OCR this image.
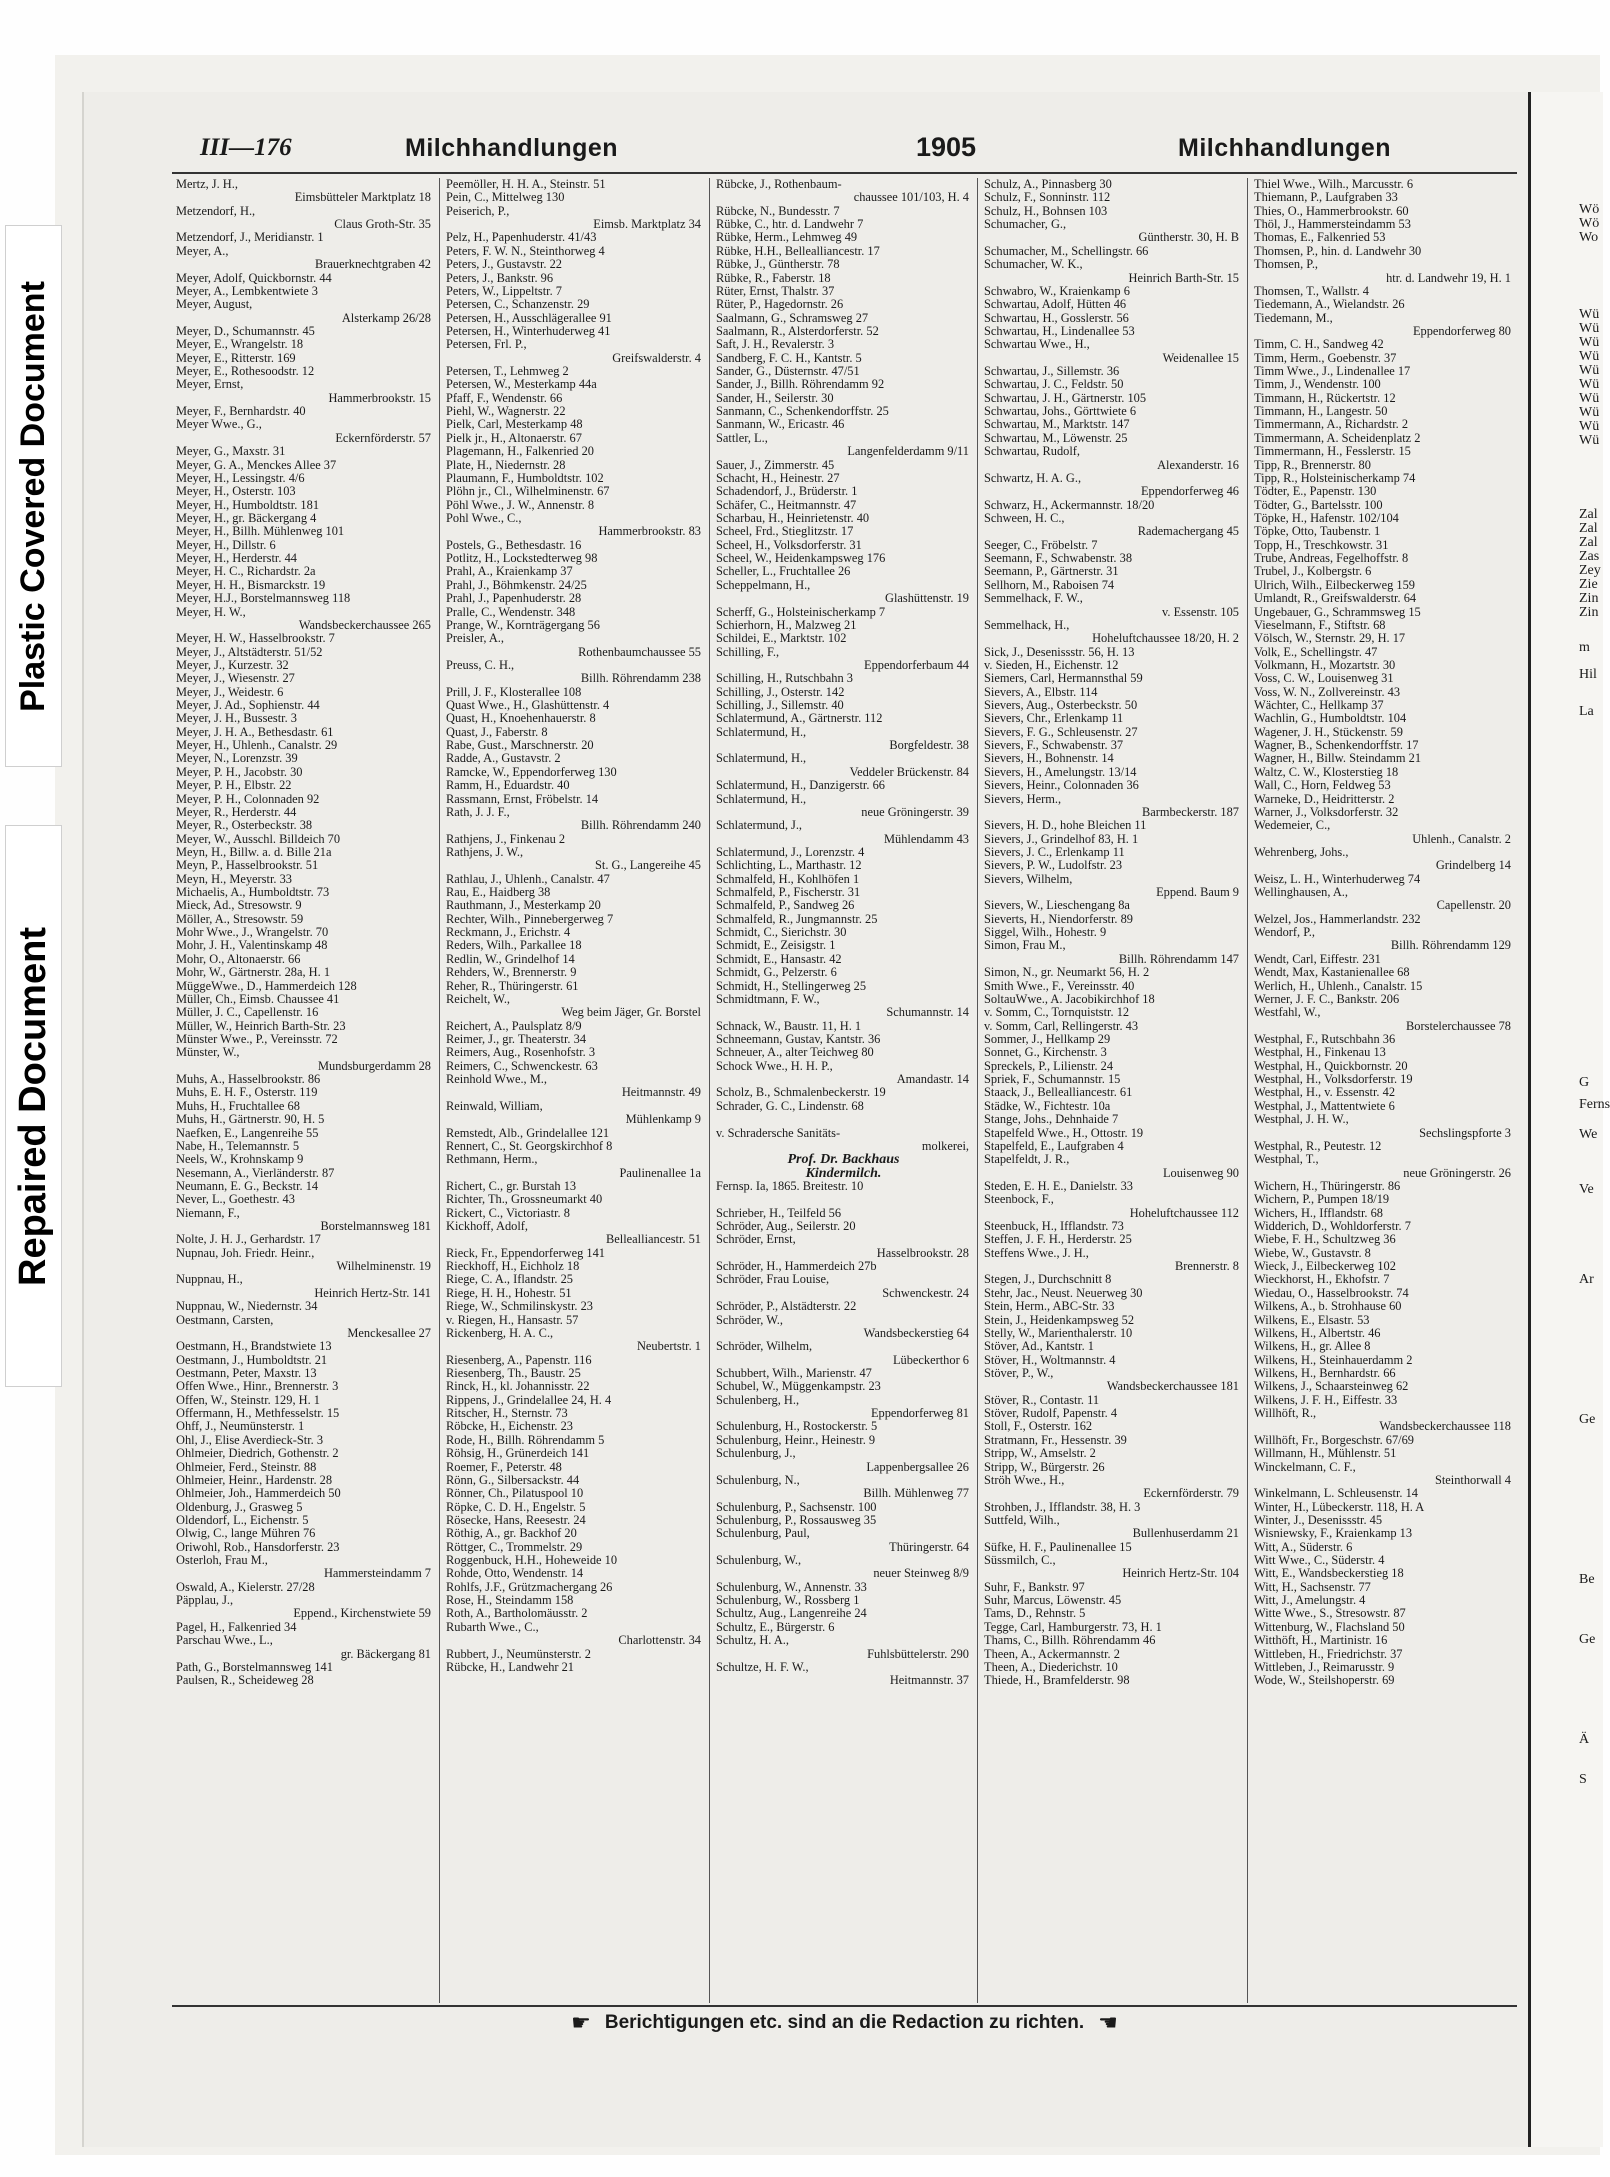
Wö
Wö
Wo
Wü
Wü
Wü
Wü
Wü
Wü
Wü
Wü
Wü
Wü
Zal
Zal
Zal
Zas
Zey
Zie
Zin
Zin
m
Hil
La
G
Ferns
We
Ve
Ar
Ge
Be
Ge
Ä
S
Plastic Covered Document
Repaired Document
III—176	Milchhandlungen	1905	Milchhandlungen
Mertz, J. H.,
Eimsbütteler Marktplatz 18
Metzendorf, H.,
Claus Groth-Str. 35
Metzendorf, J., Meridianstr. 1
Meyer, A.,
Brauerknechtgraben 42
Meyer, Adolf, Quickbornstr. 44
Meyer, A., Lembkentwiete 3
Meyer, August,
Alsterkamp 26/28
Meyer, D., Schumannstr. 45
Meyer, E., Wrangelstr. 18
Meyer, E., Ritterstr. 169
Meyer, E., Rothesoodstr. 12
Meyer, Ernst,
Hammerbrookstr. 15
Meyer, F., Bernhardstr. 40
Meyer Wwe., G.,
Eckernförderstr. 57
Meyer, G., Maxstr. 31
Meyer, G. A., Menckes Allee 37
Meyer, H., Lessingstr. 4/6
Meyer, H., Osterstr. 103
Meyer, H., Humboldtstr. 181
Meyer, H., gr. Bäckergang 4
Meyer, H., Billh. Mühlenweg 101
Meyer, H., Dillstr. 6
Meyer, H., Herderstr. 44
Meyer, H. C., Richardstr. 2a
Meyer, H. H., Bismarckstr. 19
Meyer, H.J., Borstelmannsweg 118
Meyer, H. W.,
Wandsbeckerchaussee 265
Meyer, H. W., Hasselbrookstr. 7
Meyer, J., Altstädterstr. 51/52
Meyer, J., Kurzestr. 32
Meyer, J., Wiesenstr. 27
Meyer, J., Weidestr. 6
Meyer, J. Ad., Sophienstr. 44
Meyer, J. H., Bussestr. 3
Meyer, J. H. A., Bethesdastr. 61
Meyer, H., Uhlenh., Canalstr. 29
Meyer, N., Lorenzstr. 39
Meyer, P. H., Jacobstr. 30
Meyer, P. H., Elbstr. 22
Meyer, P. H., Colonnaden 92
Meyer, R., Herderstr. 44
Meyer, R., Osterbeckstr. 38
Meyer, W., Ausschl. Billdeich 70
Meyn, H., Billw. a. d. Bille 21a
Meyn, P., Hasselbrookstr. 51
Meyn, H., Meyerstr. 33
Michaelis, A., Humboldtstr. 73
Mieck, Ad., Stresowstr. 9
Möller, A., Stresowstr. 59
Mohr Wwe., J., Wrangelstr. 70
Mohr, J. H., Valentinskamp 48
Mohr, O., Altonaerstr. 66
Mohr, W., Gärtnerstr. 28a, H. 1
MüggeWwe., D., Hammerdeich 128
Müller, Ch., Eimsb. Chaussee 41
Müller, J. C., Capellenstr. 16
Müller, W., Heinrich Barth-Str. 23
Münster Wwe., P., Vereinsstr. 72
Münster, W.,
Mundsburgerdamm 28
Muhs, A., Hasselbrookstr. 86
Muhs, E. H. F., Osterstr. 119
Muhs, H., Fruchtallee 68
Muhs, H., Gärtnerstr. 90, H. 5
Naefken, E., Langenreihe 55
Nabe, H., Telemannstr. 5
Neels, W., Krohnskamp 9
Nesemann, A., Vierländerstr. 87
Neumann, E. G., Beckstr. 14
Never, L., Goethestr. 43
Niemann, F.,
Borstelmannsweg 181
Nolte, J. H. J., Gerhardstr. 17
Nupnau, Joh. Friedr. Heinr.,
Wilhelminenstr. 19
Nuppnau, H.,
Heinrich Hertz-Str. 141
Nuppnau, W., Niedernstr. 34
Oestmann, Carsten,
Menckesallee 27
Oestmann, H., Brandstwiete 13
Oestmann, J., Humboldtstr. 21
Oestmann, Peter, Maxstr. 13
Offen Wwe., Hinr., Brennerstr. 3
Offen, W., Steinstr. 129, H. 1
Offermann, H., Methfesselstr. 15
Ohff, J., Neumünsterstr. 1
Ohl, J., Elise Averdieck-Str. 3
Ohlmeier, Diedrich, Gothenstr. 2
Ohlmeier, Ferd., Steinstr. 88
Ohlmeier, Heinr., Hardenstr. 28
Ohlmeier, Joh., Hammerdeich 50
Oldenburg, J., Grasweg 5
Oldendorf, L., Eichenstr. 5
Olwig, C., lange Mühren 76
Oriwohl, Rob., Hansdorferstr. 23
Osterloh, Frau M.,
Hammersteindamm 7
Oswald, A., Kielerstr. 27/28
Päpplau, J.,
Eppend., Kirchenstwiete 59
Pagel, H., Falkenried 34
Parschau Wwe., L.,
gr. Bäckergang 81
Path, G., Borstelmannsweg 141
Paulsen, R., Scheideweg 28
Peemöller, H. H. A., Steinstr. 51
Pein, C., Mittelweg 130
Peiserich, P.,
Eimsb. Marktplatz 34
Pelz, H., Papenhuderstr. 41/43
Peters, F. W. N., Steinthorweg 4
Peters, J., Gustavstr. 22
Peters, J., Bankstr. 96
Peters, W., Lippeltstr. 7
Petersen, C., Schanzenstr. 29
Petersen, H., Ausschlägerallee 91
Petersen, H., Winterhuderweg 41
Petersen, Frl. P.,
Greifswalderstr. 4
Petersen, T., Lehmweg 2
Petersen, W., Mesterkamp 44a
Pfaff, F., Wendenstr. 66
Piehl, W., Wagnerstr. 22
Pielk, Carl, Mesterkamp 48
Pielk jr., H., Altonaerstr. 67
Plagemann, H., Falkenried 20
Plate, H., Niedernstr. 28
Plaumann, F., Humboldtstr. 102
Plöhn jr., Cl., Wilhelminenstr. 67
Pöhl Wwe., J. W., Annenstr. 8
Pohl Wwe., C.,
Hammerbrookstr. 83
Postels, G., Bethesdastr. 16
Potlitz, H., Lockstedterweg 98
Prahl, A., Kraienkamp 37
Prahl, J., Böhmkenstr. 24/25
Prahl, J., Papenhuderstr. 28
Pralle, C., Wendenstr. 348
Prange, W., Kornträgergang 56
Preisler, A.,
Rothenbaumchaussee 55
Preuss, C. H.,
Billh. Röhrendamm 238
Prill, J. F., Klosterallee 108
Quast Wwe., H., Glashüttenstr. 4
Quast, H., Knoehenhauerstr. 8
Quast, J., Faberstr. 8
Rabe, Gust., Marschnerstr. 20
Radde, A., Gustavstr. 2
Ramcke, W., Eppendorferweg 130
Ramm, H., Eduardstr. 40
Rassmann, Ernst, Fröbelstr. 14
Rath, J. J. F.,
Billh. Röhrendamm 240
Rathjens, J., Finkenau 2
Rathjens, J. W.,
St. G., Langereihe 45
Rathlau, J., Uhlenh., Canalstr. 47
Rau, E., Haidberg 38
Rauthmann, J., Mesterkamp 20
Rechter, Wilh., Pinnebergerweg 7
Reckmann, J., Erichstr. 4
Reders, Wilh., Parkallee 18
Redlin, W., Grindelhof 14
Rehders, W., Brennerstr. 9
Reher, R., Thüringerstr. 61
Reichelt, W.,
Weg beim Jäger, Gr. Borstel
Reichert, A., Paulsplatz 8/9
Reimer, J., gr. Theaterstr. 34
Reimers, Aug., Rosenhofstr. 3
Reimers, C., Schwenckestr. 63
Reinhold Wwe., M.,
Heitmannstr. 49
Reinwald, William,
Mühlenkamp 9
Remstedt, Alb., Grindelallee 121
Rennert, C., St. Georgskirchhof 8
Rethmann, Herm.,
Paulinenallee 1a
Richert, C., gr. Burstah 13
Richter, Th., Grossneumarkt 40
Rickert, C., Victoriastr. 8
Kickhoff, Adolf,
Bellealliancestr. 51
Rieck, Fr., Eppendorferweg 141
Rieckhoff, H., Eichholz 18
Riege, C. A., Iflandstr. 25
Riege, H. H., Hohestr. 51
Riege, W., Schmilinskystr. 23
v. Riegen, H., Hansastr. 57
Rickenberg, H. A. C.,
Neubertstr. 1
Riesenberg, A., Papenstr. 116
Riesenberg, Th., Baustr. 25
Rinck, H., kl. Johannisstr. 22
Rippens, J., Grindelallee 24, H. 4
Ritscher, H., Sternstr. 73
Röbcke, H., Eichenstr. 23
Rode, H., Billh. Röhrendamm 5
Röhsig, H., Grünerdeich 141
Roemer, F., Peterstr. 48
Rönn, G., Silbersackstr. 44
Rönner, Ch., Pilatuspool 10
Röpke, C. D. H., Engelstr. 5
Rösecke, Hans, Reesestr. 24
Röthig, A., gr. Backhof 20
Röttger, C., Trommelstr. 29
Roggenbuck, H.H., Hoheweide 10
Rohde, Otto, Wendenstr. 14
Rohlfs, J.F., Grützmachergang 26
Rose, H., Steindamm 158
Roth, A., Bartholomäusstr. 2
Rubarth Wwe., C.,
Charlottenstr. 34
Rubbert, J., Neumünsterstr. 2
Rübcke, H., Landwehr 21
Rübcke, J., Rothenbaum-
chaussee 101/103, H. 4
Rübcke, N., Bundesstr. 7
Rübke, C., htr. d. Landwehr 7
Rübke, Herm., Lehmweg 49
Rübke, H.H., Bellealliancestr. 17
Rübke, J., Güntherstr. 78
Rübke, R., Faberstr. 18
Rüter, Ernst, Thalstr. 37
Rüter, P., Hagedornstr. 26
Saalmann, G., Schramsweg 27
Saalmann, R., Alsterdorferstr. 52
Saft, J. H., Revalerstr. 3
Sandberg, F. C. H., Kantstr. 5
Sander, G., Düsternstr. 47/51
Sander, J., Billh. Röhrendamm 92
Sander, H., Seilerstr. 30
Sanmann, C., Schenkendorffstr. 25
Sanmann, W., Ericastr. 46
Sattler, L.,
Langenfelderdamm 9/11
Sauer, J., Zimmerstr. 45
Schacht, H., Heinestr. 27
Schadendorf, J., Brüderstr. 1
Schäfer, C., Heitmannstr. 47
Scharbau, H., Heinrietenstr. 40
Scheel, Frd., Stieglitzstr. 17
Scheel, H., Volksdorferstr. 31
Scheel, W., Heidenkampsweg 176
Scheller, L., Fruchtallee 26
Scheppelmann, H.,
Glashüttenstr. 19
Scherff, G., Holsteinischerkamp 7
Schierhorn, H., Malzweg 21
Schildei, E., Marktstr. 102
Schilling, F.,
Eppendorferbaum 44
Schilling, H., Rutschbahn 3
Schilling, J., Osterstr. 142
Schilling, J., Sillemstr. 40
Schlatermund, A., Gärtnerstr. 112
Schlatermund, H.,
Borgfeldestr. 38
Schlatermund, H.,
Veddeler Brückenstr. 84
Schlatermund, H., Danzigerstr. 66
Schlatermund, H.,
neue Gröningerstr. 39
Schlatermund, J.,
Mühlendamm 43
Schlatermund, J., Lorenzstr. 4
Schlichting, L., Marthastr. 12
Schmalfeld, H., Kohlhöfen 1
Schmalfeld, P., Fischerstr. 31
Schmalfeld, P., Sandweg 26
Schmalfeld, R., Jungmannstr. 25
Schmidt, C., Sierichstr. 30
Schmidt, E., Zeisigstr. 1
Schmidt, E., Hansastr. 42
Schmidt, G., Pelzerstr. 6
Schmidt, H., Stellingerweg 25
Schmidtmann, F. W.,
Schumannstr. 14
Schnack, W., Baustr. 11, H. 1
Schneemann, Gustav, Kantstr. 36
Schneuer, A., alter Teichweg 80
Schock Wwe., H. H. P.,
Amandastr. 14
Scholz, B., Schmalenbeckerstr. 19
Schrader, G. C., Lindenstr. 68
v. Schradersche Sanitäts-
molkerei,
Prof. Dr. Backhaus
Kindermilch.
Fernsp. Ia, 1865. Breitestr. 10
Schrieber, H., Teilfeld 56
Schröder, Aug., Seilerstr. 20
Schröder, Ernst,
Hasselbrookstr. 28
Schröder, H., Hammerdeich 27b
Schröder, Frau Louise,
Schwenckestr. 24
Schröder, P., Alstädterstr. 22
Schröder, W.,
Wandsbeckerstieg 64
Schröder, Wilhelm,
Lübeckerthor 6
Schubbert, Wilh., Marienstr. 47
Schubel, W., Müggenkampstr. 23
Schulenberg, H.,
Eppendorferweg 81
Schulenburg, H., Rostockerstr. 5
Schulenburg, Heinr., Heinestr. 9
Schulenburg, J.,
Lappenbergsallee 26
Schulenburg, N.,
Billh. Mühlenweg 77
Schulenburg, P., Sachsenstr. 100
Schulenburg, P., Rossausweg 35
Schulenburg, Paul,
Thüringerstr. 64
Schulenburg, W.,
neuer Steinweg 8/9
Schulenburg, W., Annenstr. 33
Schulenburg, W., Rossberg 1
Schultz, Aug., Langenreihe 24
Schultz, E., Bürgerstr. 6
Schultz, H. A.,
Fuhlsbüttelerstr. 290
Schultze, H. F. W.,
Heitmannstr. 37
Schulz, A., Pinnasberg 30
Schulz, F., Sonninstr. 112
Schulz, H., Bohnsen 103
Schumacher, G.,
Güntherstr. 30, H. B
Schumacher, M., Schellingstr. 66
Schumacher, W. K.,
Heinrich Barth-Str. 15
Schwabro, W., Kraienkamp 6
Schwartau, Adolf, Hütten 46
Schwartau, H., Gosslerstr. 56
Schwartau, H., Lindenallee 53
Schwartau Wwe., H.,
Weidenallee 15
Schwartau, J., Sillemstr. 36
Schwartau, J. C., Feldstr. 50
Schwartau, J. H., Gärtnerstr. 105
Schwartau, Johs., Görttwiete 6
Schwartau, M., Marktstr. 147
Schwartau, M., Löwenstr. 25
Schwartau, Rudolf,
Alexanderstr. 16
Schwartz, H. A. G.,
Eppendorferweg 46
Schwarz, H., Ackermannstr. 18/20
Schween, H. C.,
Rademachergang 45
Seeger, C., Fröbelstr. 7
Seemann, F., Schwabenstr. 38
Seemann, P., Gärtnerstr. 31
Sellhorn, M., Raboisen 74
Semmelhack, F. W.,
v. Essenstr. 105
Semmelhack, H.,
Hoheluftchaussee 18/20, H. 2
Sick, J., Desenissstr. 56, H. 13
v. Sieden, H., Eichenstr. 12
Siemers, Carl, Hermannsthal 59
Sievers, A., Elbstr. 114
Sievers, Aug., Osterbeckstr. 50
Sievers, Chr., Erlenkamp 11
Sievers, F. G., Schleusenstr. 27
Sievers, F., Schwabenstr. 37
Sievers, H., Bohnenstr. 14
Sievers, H., Amelungstr. 13/14
Sievers, Heinr., Colonnaden 36
Sievers, Herm.,
Barmbeckerstr. 187
Sievers, H. D., hohe Bleichen 11
Sievers, J., Grindelhof 83, H. 1
Sievers, J. C., Erlenkamp 11
Sievers, P. W., Ludolfstr. 23
Sievers, Wilhelm,
Eppend. Baum 9
Sievers, W., Lieschengang 8a
Sieverts, H., Niendorferstr. 89
Siggel, Wilh., Hohestr. 9
Simon, Frau M.,
Billh. Röhrendamm 147
Simon, N., gr. Neumarkt 56, H. 2
Smith Wwe., F., Vereinsstr. 40
SoltauWwe., A. Jacobikirchhof 18
v. Somm, C., Tornquiststr. 12
v. Somm, Carl, Rellingerstr. 43
Sommer, J., Hellkamp 29
Sonnet, G., Kirchenstr. 3
Spreckels, P., Lilienstr. 24
Spriek, F., Schumannstr. 15
Staack, J., Bellealliancestr. 61
Städke, W., Fichtestr. 10a
Stange, Johs., Dehnhaide 7
Stapelfeld Wwe., H., Ottostr. 19
Stapelfeld, E., Laufgraben 4
Stapelfeldt, J. R.,
Louisenweg 90
Steden, E. H. E., Danielstr. 33
Steenbock, F.,
Hoheluftchaussee 112
Steenbuck, H., Ifflandstr. 73
Steffen, J. F. H., Herderstr. 25
Steffens Wwe., J. H.,
Brennerstr. 8
Stegen, J., Durchschnitt 8
Stehr, Jac., Neust. Neuerweg 30
Stein, Herm., ABC-Str. 33
Stein, J., Heidenkampsweg 52
Stelly, W., Marienthalerstr. 10
Stöver, Ad., Kantstr. 1
Stöver, H., Woltmannstr. 4
Stöver, P., W.,
Wandsbeckerchaussee 181
Stöver, R., Contastr. 11
Stöver, Rudolf, Papenstr. 4
Stoll, F., Osterstr. 162
Stratmann, Fr., Hessenstr. 39
Stripp, W., Amselstr. 2
Stripp, W., Bürgerstr. 26
Ströh Wwe., H.,
Eckernförderstr. 79
Strohben, J., Ifflandstr. 38, H. 3
Suttfeld, Wilh.,
Bullenhuserdamm 21
Süfke, H. F., Paulinenallee 15
Süssmilch, C.,
Heinrich Hertz-Str. 104
Suhr, F., Bankstr. 97
Suhr, Marcus, Löwenstr. 45
Tams, D., Rehnstr. 5
Tegge, Carl, Hamburgerstr. 73, H. 1
Thams, C., Billh. Röhrendamm 46
Theen, A., Ackermannstr. 2
Theen, A., Diederichstr. 10
Thiede, H., Bramfelderstr. 98
Thiel Wwe., Wilh., Marcusstr. 6
Thiemann, P., Laufgraben 33
Thies, O., Hammerbrookstr. 60
Thöl, J., Hammersteindamm 53
Thomas, E., Falkenried 53
Thomsen, P., hin. d. Landwehr 30
Thomsen, P.,
htr. d. Landwehr 19, H. 1
Thomsen, T., Wallstr. 4
Tiedemann, A., Wielandstr. 26
Tiedemann, M.,
Eppendorferweg 80
Timm, C. H., Sandweg 42
Timm, Herm., Goebenstr. 37
Timm Wwe., J., Lindenallee 17
Timm, J., Wendenstr. 100
Timmann, H., Rückertstr. 12
Timmann, H., Langestr. 50
Timmermann, A., Richardstr. 2
Timmermann, A. Scheidenplatz 2
Timmermann, H., Fesslerstr. 15
Tipp, R., Brennerstr. 80
Tipp, R., Holsteinischerkamp 74
Tödter, E., Papenstr. 130
Tödter, G., Bartelsstr. 100
Töpke, H., Hafenstr. 102/104
Töpke, Otto, Taubenstr. 1
Topp, H., Treschkowstr. 31
Trube, Andreas, Fegelhoffstr. 8
Trubel, J., Kolbergstr. 6
Ulrich, Wilh., Eilbeckerweg 159
Umlandt, R., Greifswalderstr. 64
Ungebauer, G., Schrammsweg 15
Vieselmann, F., Stiftstr. 68
Völsch, W., Sternstr. 29, H. 17
Volk, E., Schellingstr. 47
Volkmann, H., Mozartstr. 30
Voss, C. W., Louisenweg 31
Voss, W. N., Zollvereinstr. 43
Wächter, C., Hellkamp 37
Wachlin, G., Humboldtstr. 104
Wagener, J. H., Stückenstr. 59
Wagner, B., Schenkendorffstr. 17
Wagner, H., Billw. Steindamm 21
Waltz, C. W., Klosterstieg 18
Wall, C., Horn, Feldweg 53
Warneke, D., Heidritterstr. 2
Warner, J., Volksdorferstr. 32
Wedemeier, C.,
Uhlenh., Canalstr. 2
Wehrenberg, Johs.,
Grindelberg 14
Weisz, L. H., Winterhuderweg 74
Wellinghausen, A.,
Capellenstr. 20
Welzel, Jos., Hammerlandstr. 232
Wendorf, P.,
Billh. Röhrendamm 129
Wendt, Carl, Eiffestr. 231
Wendt, Max, Kastanienallee 68
Werlich, H., Uhlenh., Canalstr. 15
Werner, J. F. C., Bankstr. 206
Westfahl, W.,
Borstelerchaussee 78
Westphal, F., Rutschbahn 36
Westphal, H., Finkenau 13
Westphal, H., Quickbornstr. 20
Westphal, H., Volksdorferstr. 19
Westphal, H., v. Essenstr. 42
Westphal, J., Mattentwiete 6
Westphal, J. H. W.,
Sechslingspforte 3
Westphal, R., Peutestr. 12
Westphal, T.,
neue Gröningerstr. 26
Wichern, H., Thüringerstr. 86
Wichern, P., Pumpen 18/19
Wichers, H., Ifflandstr. 68
Widderich, D., Wohldorferstr. 7
Wiebe, F. H., Schultzweg 36
Wiebe, W., Gustavstr. 8
Wieck, J., Eilbeckerweg 102
Wieckhorst, H., Ekhofstr. 7
Wiedau, O., Hasselbrookstr. 74
Wilkens, A., b. Strohhause 60
Wilkens, E., Elsastr. 53
Wilkens, H., Albertstr. 46
Wilkens, H., gr. Allee 8
Wilkens, H., Steinhauerdamm 2
Wilkens, H., Bernhardstr. 66
Wilkens, J., Schaarsteinweg 62
Wilkens, J. F. H., Eiffestr. 33
Willhöft, R.,
Wandsbeckerchaussee 118
Willhöft, Fr., Borgeschstr. 67/69
Willmann, H., Mühlenstr. 51
Winckelmann, C. F.,
Steinthorwall 4
Winkelmann, L. Schleusenstr. 14
Winter, H., Lübeckerstr. 118, H. A
Winter, J., Desenissstr. 45
Wisniewsky, F., Kraienkamp 13
Witt, A., Süderstr. 6
Witt Wwe., C., Süderstr. 4
Witt, E., Wandsbeckerstieg 18
Witt, H., Sachsenstr. 77
Witt, J., Amelungstr. 4
Witte Wwe., S., Stresowstr. 87
Wittenburg, W., Flachsland 50
Witthöft, H., Martinistr. 16
Wittleben, H., Friedrichstr. 37
Wittleben, J., Reimarusstr. 9
Wode, W., Steilshoperstr. 69
☛ Berichtigungen etc. sind an die Redaction zu richten. ☚
